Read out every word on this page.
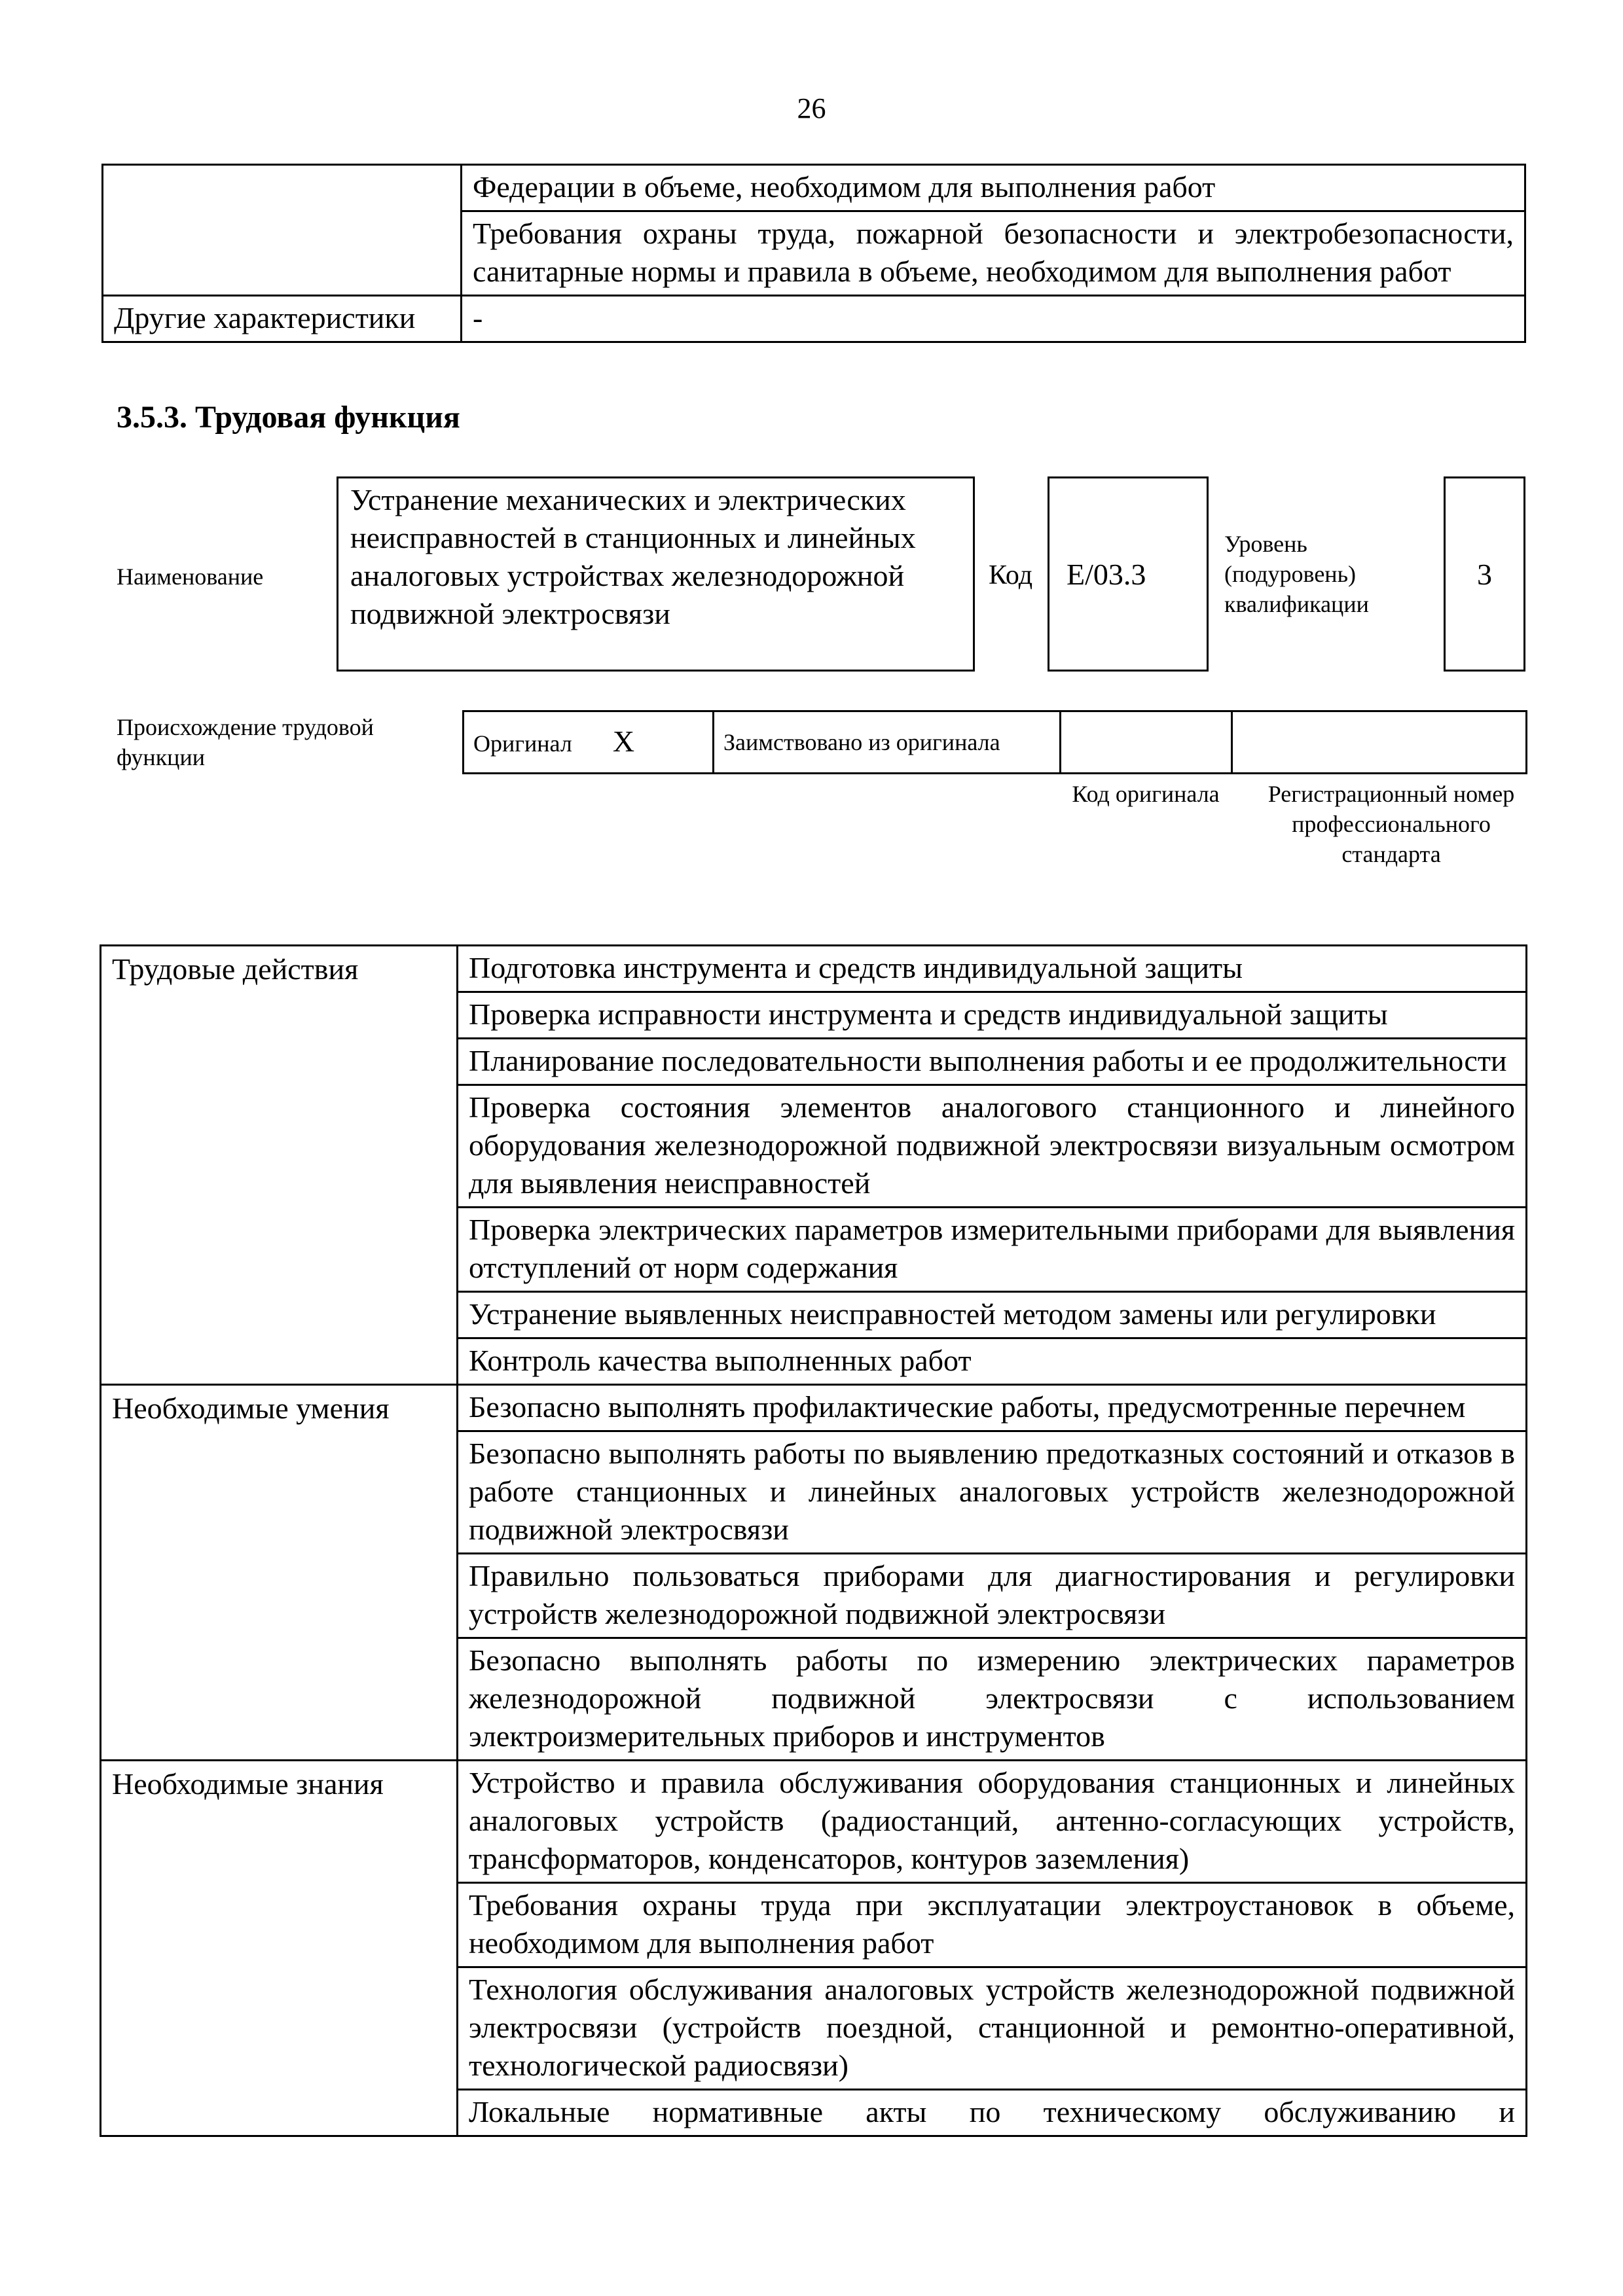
26
	Федерации в объеме, необходимом для выполнения работ
	Требования охраны труда, пожарной безопасности и электробезопасности, санитарные нормы и правила в объеме, необходимом для выполнения работ
Другие характеристики	-
3.5.3. Трудовая функция
Наименование
Устранение механических и электрических неисправностей в станционных и линейных аналоговых устройствах железнодорожной подвижной электросвязи
Код	E/03.3
Уровень (подуровень) квалификации
3
Происхождение трудовой функции
Оригинал X	Заимствовано из оригинала		
Код оригинала	Регистрационный номер профессионального стандарта
Трудовые действия	Подготовка инструмента и средств индивидуальной защиты
	Проверка исправности инструмента и средств индивидуальной защиты
	Планирование последовательности выполнения работы и ее продолжительности
	Проверка состояния элементов аналогового станционного и линейного оборудования железнодорожной подвижной электросвязи визуальным осмотром для выявления неисправностей
	Проверка электрических параметров измерительными приборами для выявления отступлений от норм содержания
	Устранение выявленных неисправностей методом замены или регулировки
	Контроль качества выполненных работ
Необходимые умения	Безопасно выполнять профилактические работы, предусмотренные перечнем
	Безопасно выполнять работы по выявлению предотказных состояний и отказов в работе станционных и линейных аналоговых устройств железнодорожной подвижной электросвязи
	Правильно пользоваться приборами для диагностирования и регулировки устройств железнодорожной подвижной электросвязи
	Безопасно выполнять работы по измерению электрических параметров железнодорожной подвижной электросвязи с использованием электроизмерительных приборов и инструментов
Необходимые знания	Устройство и правила обслуживания оборудования станционных и линейных аналоговых устройств (радиостанций, антенно-согласующих устройств, трансформаторов, конденсаторов, контуров заземления)
	Требования охраны труда при эксплуатации электроустановок в объеме, необходимом для выполнения работ
	Технология обслуживания аналоговых устройств железнодорожной подвижной электросвязи (устройств поездной, станционной и ремонтно-оперативной, технологической радиосвязи)
	Локальные нормативные акты по техническому обслуживанию и
